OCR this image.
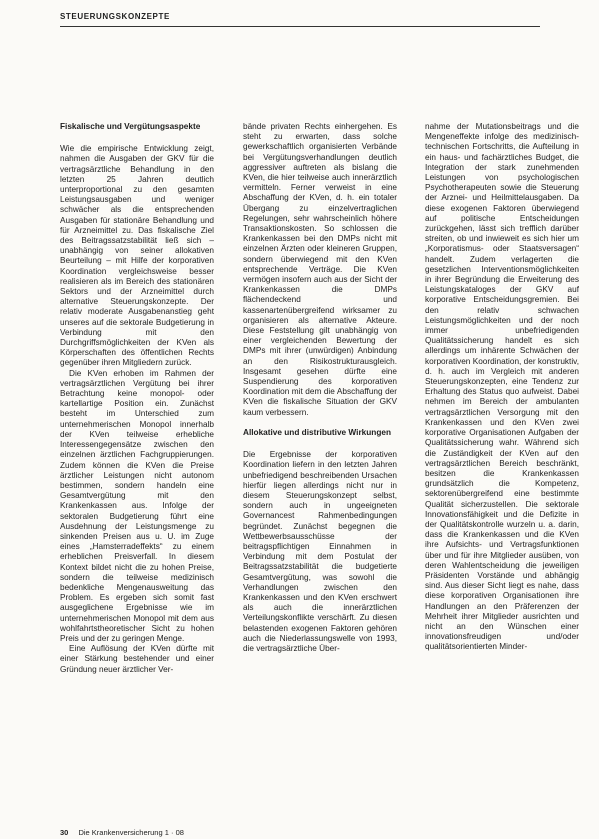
STEUERUNGSKONZEPTE
Fiskalische und Vergütungsaspekte

Wie die empirische Entwicklung zeigt, nahmen die Ausgaben der GKV für die vertragsärztliche Behandlung in den letzten 25 Jahren deutlich unterproportional zu den gesamten Leistungsausgaben und weniger schwächer als die entsprechenden Ausgaben für stationäre Behandlung und für Arzneimittel zu. Das fiskalische Ziel des Beitragssatzstabilität ließ sich – unabhängig von seiner allokativen Beurteilung – mit Hilfe der korporativen Koordination vergleichsweise besser realisieren als im Bereich des stationären Sektors und der Arzneimittel durch alternative Steuerungskonzepte. Der relativ moderate Ausgabenanstieg geht unseres auf die sektorale Budgetierung in Verbindung mit den Durchgriffsmöglichkeiten der KVen als Körperschaften des öffentlichen Rechts gegenüber ihren Mitgliedern zurück.

Die KVen erhoben im Rahmen der vertragsärztlichen Vergütung bei ihrer Betrachtung keine monopol- oder kartellartige Position ein. Zunächst besteht im Unterschied zum unternehmerischen Monopol innerhalb der KVen teilweise erhebliche Interessengegensätze zwischen den einzelnen ärztlichen Fachgruppierungen. Zudem können die KVen die Preise ärztlicher Leistungen nicht autonom bestimmen, sondern handeln eine Gesamtvergütung mit den Krankenkassen aus. Infolge der sektoralen Budgetierung führt eine Ausdehnung der Leistungsmenge zu sinkenden Preisen aus u. U. im Zuge eines „Hamsterradeffekts“ zu einem erheblichen Preisverfall. In diesem Kontext bildet nicht die zu hohen Preise, sondern die teilweise medizinisch bedenkliche Mengenausweitung das Problem. Es ergeben sich somit fast ausgeglichene Ergebnisse wie im unternehmerischen Monopol mit dem aus wohlfahrtstheoretischer Sicht zu hohen Preis und der zu geringen Menge.

Eine Auflösung der KVen dürfte mit einer Stärkung bestehender und einer Gründung neuer ärztlicher Ver-

bände privaten Rechts einhergehen. Es steht zu erwarten, dass solche gewerkschaftlich organisierten Verbände bei Vergütungsverhandlungen deutlich aggressiver auftreten als bislang die KVen, die hier teilweise auch innerärztlich vermitteln. Ferner verweist in eine Abschaffung der KVen, d. h. ein totaler Übergang zu einzelvertraglichen Regelungen, sehr wahrscheinlich höhere Transaktionskosten. So schlossen die Krankenkassen bei den DMPs nicht mit einzelnen Ärzten oder kleineren Gruppen, sondern überwiegend mit den KVen entsprechende Verträge. Die KVen vermögen insofern auch aus der Sicht der Krankenkassen die DMPs flächendeckend und kassenartenübergreifend wirksamer zu organisieren als alternative Akteure. Diese Feststellung gilt unabhängig von einer vergleichenden Bewertung der DMPs mit ihrer (unwürdigen) Anbindung an den Risikostrukturausgleich. Insgesamt gesehen dürfte eine Suspendierung des korporativen Koordination mit dem die Abschaffung der KVen die fiskalische Situation der GKV kaum verbessern.

Allokative und distributive Wirkungen

Die Ergebnisse der korporativen Koordination liefern in den letzten Jahren unbefriedigend beschreibenden Ursachen hierfür liegen allerdings nicht nur in diesem Steuerungskonzept selbst, sondern auch in ungeeigneten Governancest Rahmenbedingungen begründet. Zunächst begegnen die Wettbewerbsausschüsse der beitragspflichtigen Einnahmen in Verbindung mit dem Postulat der Beitragssatzstabilität die budgetierte Gesamtvergütung, was sowohl die Verhandlungen zwischen den Krankenkassen und den KVen erschwert als auch die innerärztlichen Verteilungskonflikte verschärft. Zu diesen belastenden exogenen Faktoren gehören auch die Niederlassungswelle von 1993, die vertragsärztliche Über-

nahme der Mutationsbeitrags und die Mengeneffekte infolge des medizinisch-technischen Fortschritts, die Aufteilung in ein haus- und fachärztliches Budget, die Integration der stark zunehmenden Leistungen von psychologischen Psychotherapeuten sowie die Steuerung der Arznei- und Heilmittelausgaben. Da diese exogenen Faktoren überwiegend auf politische Entscheidungen zurückgehen, lässt sich trefflich darüber streiten, ob und inwieweit es sich hier um „Korporatismus- oder Staatsversagen“ handelt. Zudem verlagerten die gesetzlichen Interventionsmöglichkeiten in ihrer Begründung die Erweiterung des Leistungskataloges der GKV auf korporative Entscheidungsgremien. Bei den relativ schwachen Leistungsmöglichkeiten und der noch immer unbefriedigenden Qualitätssicherung handelt es sich allerdings um inhärente Schwächen der korporativen Koordination, der konstruktiv, d. h. auch im Vergleich mit anderen Steuerungskonzepten, eine Tendenz zur Erhaltung des Status quo aufweist. Dabei nehmen im Bereich der ambulanten vertragsärztlichen Versorgung mit den Krankenkassen und den KVen zwei korporative Organisationen Aufgaben der Qualitätssicherung wahr. Während sich die Zuständigkeit der KVen auf den vertragsärztlichen Bereich beschränkt, besitzen die Krankenkassen grundsätzlich die Kompetenz, sektorenübergreifend eine bestimmte Qualität sicherzustellen. Die sektorale Innovationsfähigkeit und die Defizite in der Qualitätskontrolle wurzeln u. a. darin, dass die Krankenkassen und die KVen ihre Aufsichts- und Vertragsfunktionen über und für ihre Mitglieder ausüben, von deren Wahlentscheidung die jeweiligen Präsidenten Vorstände und abhängig sind. Aus dieser Sicht liegt es nahe, dass diese korporativen Organisationen ihre Handlungen an den Präferenzen der Mehrheit ihrer Mitglieder ausrichten und nicht an den Wünschen einer innovationsfreudigen und/oder qualitätsorientierten Minder-

30 Die Krankenversicherung 1 · 08
